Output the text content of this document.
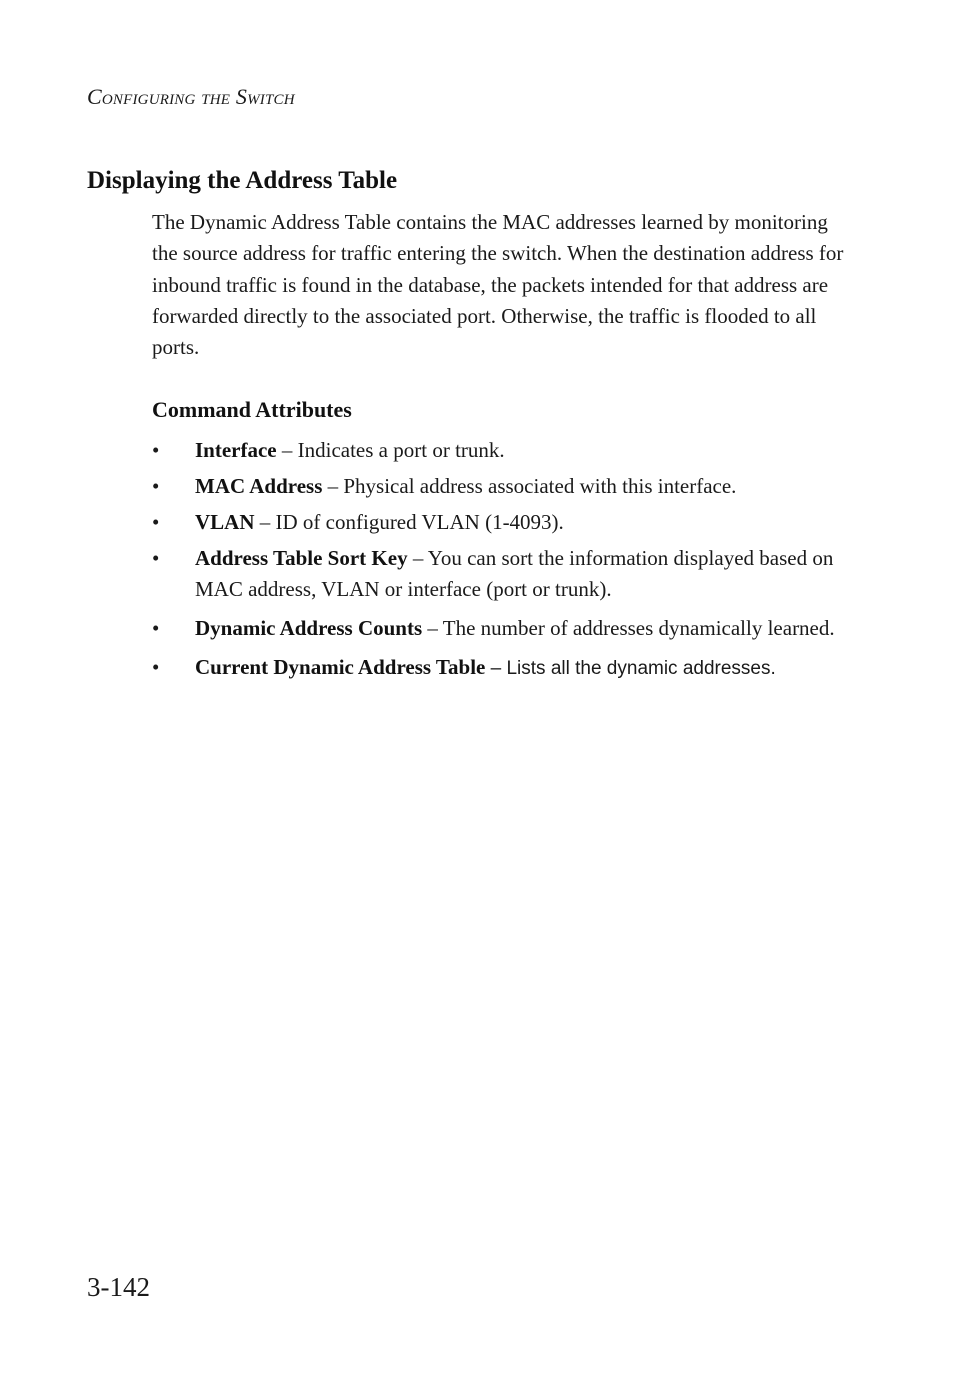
Configuring the Switch
Displaying the Address Table

The Dynamic Address Table contains the MAC addresses learned by monitoring the source address for traffic entering the switch. When the destination address for inbound traffic is found in the database, the packets intended for that address are forwarded directly to the associated port. Otherwise, the traffic is flooded to all ports.

Command Attributes
• Interface – Indicates a port or trunk.
• MAC Address – Physical address associated with this interface.
• VLAN – ID of configured VLAN (1-4093).
• Address Table Sort Key – You can sort the information displayed based on MAC address, VLAN or interface (port or trunk).
• Dynamic Address Counts – The number of addresses dynamically learned.
• Current Dynamic Address Table – Lists all the dynamic addresses.
3-142
